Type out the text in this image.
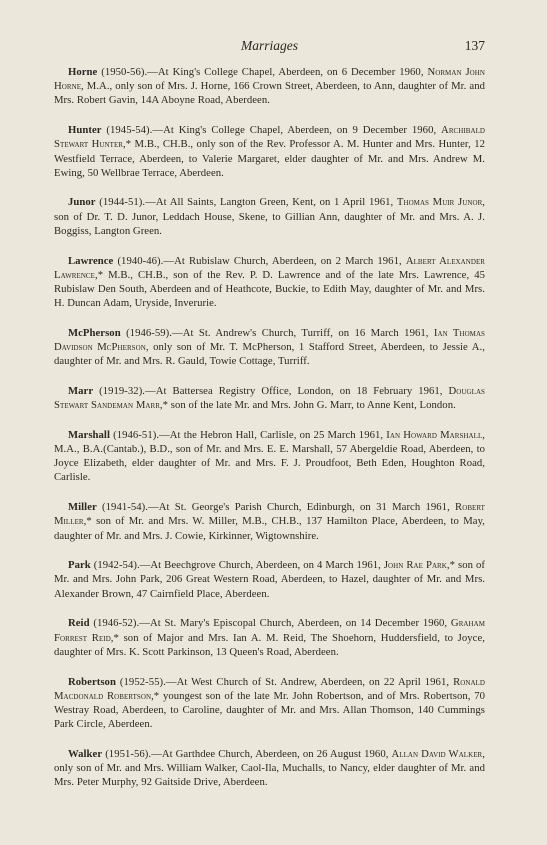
Marriages	137

Horne (1950-56).—At King's College Chapel, Aberdeen, on 6 December 1960, Norman John Horne, M.A., only son of Mrs. J. Horne, 166 Crown Street, Aberdeen, to Ann, daughter of Mr. and Mrs. Robert Gavin, 14A Aboyne Road, Aberdeen.

Hunter (1945-54).—At King's College Chapel, Aberdeen, on 9 December 1960, Archibald Stewart Hunter,* M.B., CH.B., only son of the Rev. Professor A. M. Hunter and Mrs. Hunter, 12 Westfield Terrace, Aberdeen, to Valerie Margaret, elder daughter of Mr. and Mrs. Andrew M. Ewing, 50 Wellbrae Terrace, Aberdeen.

Junor (1944-51).—At All Saints, Langton Green, Kent, on 1 April 1961, Thomas Muir Junor, son of Dr. T. D. Junor, Leddach House, Skene, to Gillian Ann, daughter of Mr. and Mrs. A. J. Boggiss, Langton Green.

Lawrence (1940-46).—At Rubislaw Church, Aberdeen, on 2 March 1961, Albert Alexander Lawrence,* M.B., CH.B., son of the Rev. P. D. Lawrence and of the late Mrs. Lawrence, 45 Rubislaw Den South, Aberdeen and of Heathcote, Buckie, to Edith May, daughter of Mr. and Mrs. H. Duncan Adam, Uryside, Inverurie.

McPherson (1946-59).—At St. Andrew's Church, Turriff, on 16 March 1961, Ian Thomas Davidson McPherson, only son of Mr. T. McPherson, 1 Stafford Street, Aberdeen, to Jessie A., daughter of Mr. and Mrs. R. Gauld, Towie Cottage, Turriff.

Marr (1919-32).—At Battersea Registry Office, London, on 18 February 1961, Douglas Stewart Sandeman Marr,* son of the late Mr. and Mrs. John G. Marr, to Anne Kent, London.

Marshall (1946-51).—At the Hebron Hall, Carlisle, on 25 March 1961, Ian Howard Marshall, M.A., B.A.(Cantab.), B.D., son of Mr. and Mrs. E. E. Marshall, 57 Abergeldie Road, Aberdeen, to Joyce Elizabeth, elder daughter of Mr. and Mrs. F. J. Proudfoot, Beth Eden, Houghton Road, Carlisle.

Miller (1941-54).—At St. George's Parish Church, Edinburgh, on 31 March 1961, Robert Miller,* son of Mr. and Mrs. W. Miller, M.B., CH.B., 137 Hamilton Place, Aberdeen, to May, daughter of Mr. and Mrs. J. Cowie, Kirkinner, Wigtownshire.

Park (1942-54).—At Beechgrove Church, Aberdeen, on 4 March 1961, John Rae Park,* son of Mr. and Mrs. John Park, 206 Great Western Road, Aberdeen, to Hazel, daughter of Mr. and Mrs. Alexander Brown, 47 Cairnfield Place, Aberdeen.

Reid (1946-52).—At St. Mary's Episcopal Church, Aberdeen, on 14 December 1960, Graham Forrest Reid,* son of Major and Mrs. Ian A. M. Reid, The Shoehorn, Huddersfield, to Joyce, daughter of Mrs. K. Scott Parkinson, 13 Queen's Road, Aberdeen.

Robertson (1952-55).—At West Church of St. Andrew, Aberdeen, on 22 April 1961, Ronald Macdonald Robertson,* youngest son of the late Mr. John Robertson, and of Mrs. Robertson, 70 Westray Road, Aberdeen, to Caroline, daughter of Mr. and Mrs. Allan Thomson, 140 Cummings Park Circle, Aberdeen.

Walker (1951-56).—At Garthdee Church, Aberdeen, on 26 August 1960, Allan David Walker, only son of Mr. and Mrs. William Walker, Caol-Ila, Muchalls, to Nancy, elder daughter of Mr. and Mrs. Peter Murphy, 92 Gaitside Drive, Aberdeen.
